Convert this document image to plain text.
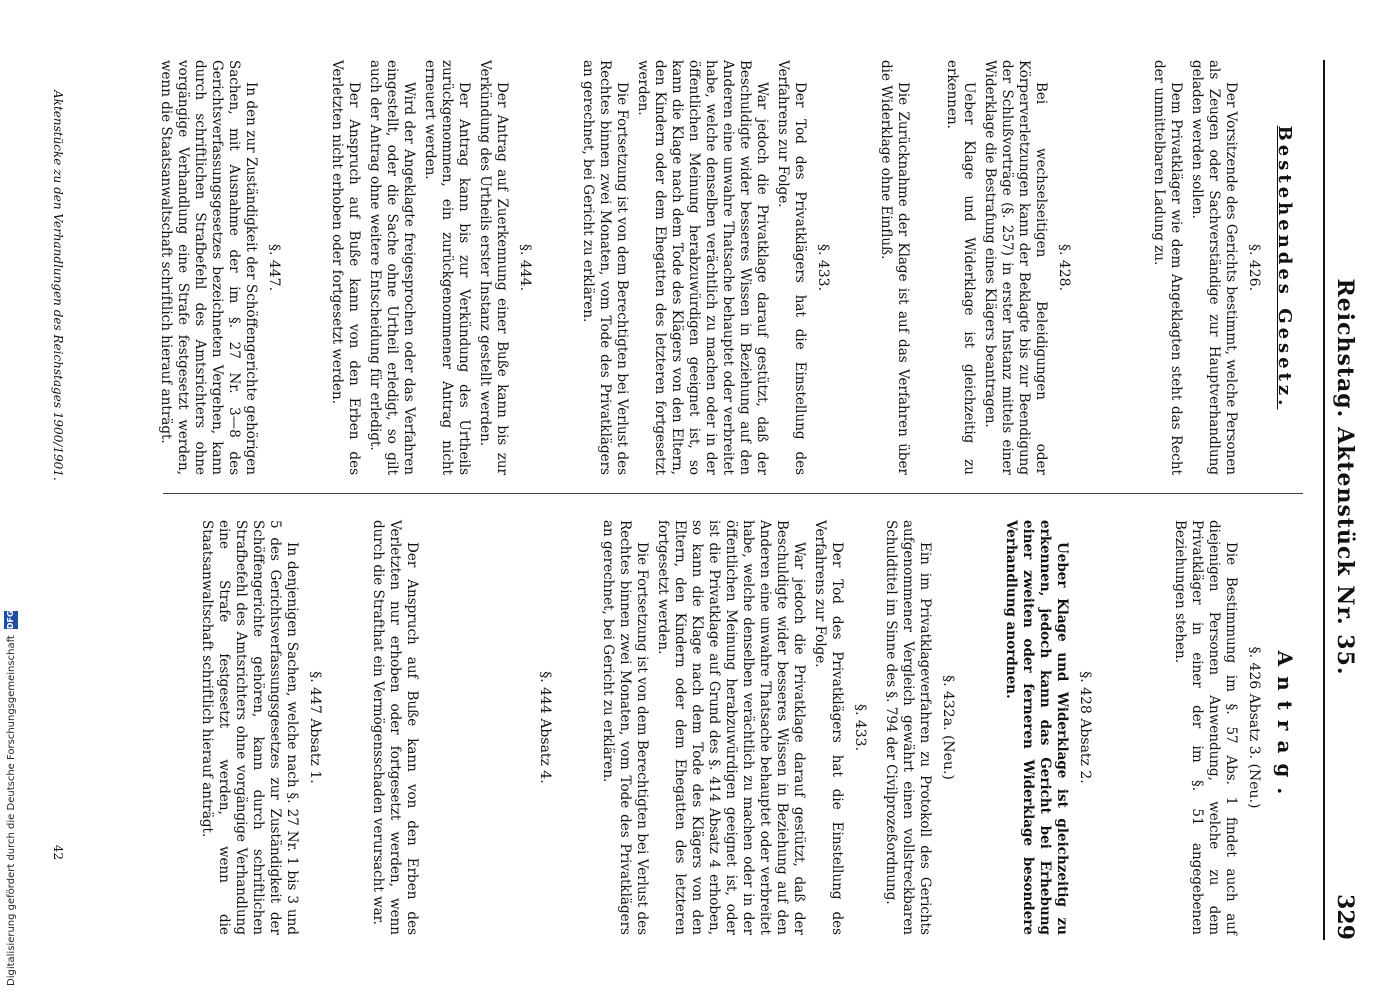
Reichstag. Aktenstück Nr. 35.
329
Bestehendes Gesetz.
§. 426.

Der Vorsitzende des Gerichts bestimmt, welche Personen als Zeugen oder Sachverständige zur Hauptverhandlung geladen werden sollen.

Dem Privatkläger wie dem Angeklagten steht das Recht der unmittelbaren Ladung zu.

§. 428.

Bei wechselseitigen Beleidigungen oder Körperverletzungen kann der Beklagte bis zur Beendigung der Schlußvorträge (§. 257) in erster Instanz mittels einer Widerklage die Bestrafung eines Klägers beantragen.

Ueber Klage und Widerklage ist gleichzeitig zu erkennen.

Die Zurücknahme der Klage ist auf das Verfahren über die Widerklage ohne Einfluß.

§. 433.

Der Tod des Privatklägers hat die Einstellung des Verfahrens zur Folge.

War jedoch die Privatklage darauf gestützt, daß der Beschuldigte wider besseres Wissen in Beziehung auf den Anderen eine unwahre Thatsache behauptet oder verbreitet habe, welche denselben verächtlich zu machen oder in der öffentlichen Meinung herabzuwürdigen geeignet ist, so kann die Klage nach dem Tode des Klägers von den Eltern, den Kindern oder dem Ehegatten des letzteren fortgesetzt werden.

Die Fortsetzung ist von dem Berechtigten bei Verlust des Rechtes binnen zwei Monaten, vom Tode des Privatklägers an gerechnet, bei Gericht zu erklären.

§. 444.

Der Antrag auf Zuerkennung einer Buße kann bis zur Verkündung des Urtheils erster Instanz gestellt werden.

Der Antrag kann bis zur Verkündung des Urtheils zurückgenommen, ein zurückgenommener Antrag nicht erneuert werden.

Wird der Angeklagte freigesprochen oder das Verfahren eingestellt, oder die Sache ohne Urtheil erledigt, so gilt auch der Antrag ohne weitere Entscheidung für erledigt.

Der Anspruch auf Buße kann von den Erben des Verletzten nicht erhoben oder fortgesetzt werden.

§. 447.

In den zur Zuständigkeit der Schöffengerichte gehörigen Sachen, mit Ausnahme der im §. 27 Nr. 3—8 des Gerichtsverfassungsgesetzes bezeichneten Vergehen, kann durch schriftlichen Strafbefehl des Amtsrichters ohne vorgängige Verhandlung eine Strafe festgesetzt werden, wenn die Staatsanwaltschaft schriftlich hierauf anträgt.

Antrag.
§. 426 Absatz 3. (Neu.)

Die Bestimmung im §. 57 Abs. 1 findet auch auf diejenigen Personen Anwendung, welche zu dem Privatkläger in einer der im §. 51 angegebenen Beziehungen stehen.

§. 428 Absatz 2.

Ueber Klage und Widerklage ist gleichzeitig zu erkennen, jedoch kann das Gericht bei Erhebung einer zweiten oder ferneren Widerklage besondere Verhandlung anordnen.

§. 432a. (Neu.)

Ein im Privatklageverfahren zu Protokoll des Gerichts aufgenommener Vergleich gewährt einen vollstreckbaren Schuldtitel im Sinne des §. 794 der Civilprozeßordnung.

§. 433.

Der Tod des Privatklägers hat die Einstellung des Verfahrens zur Folge.

War jedoch die Privatklage darauf gestützt, daß der Beschuldigte wider besseres Wissen in Beziehung auf den Anderen eine unwahre Thatsache behauptet oder verbreitet habe, welche denselben verächtlich zu machen oder in der öffentlichen Meinung herabzuwürdigen geeignet ist, oder ist die Privatklage auf Grund des §. 414 Absatz 4 erhoben, so kann die Klage nach dem Tode des Klägers von den Eltern, den Kindern oder dem Ehegatten des letzteren fortgesetzt werden.

Die Fortsetzung ist von dem Berechtigten bei Verlust des Rechtes binnen zwei Monaten, vom Tode des Privatklägers an gerechnet, bei Gericht zu erklären.

§. 444 Absatz 4.

Der Anspruch auf Buße kann von den Erben des Verletzten nur erhoben oder fortgesetzt werden, wenn durch die Strafthat ein Vermögensschaden verursacht war.

§. 447 Absatz 1.

In denjenigen Sachen, welche nach §. 27 Nr. 1 bis 3 und 5 des Gerichtsverfassungsgesetzes zur Zuständigkeit der Schöffengerichte gehören, kann durch schriftlichen Strafbefehl des Amtsrichters ohne vorgängige Verhandlung eine Strafe festgesetzt werden, wenn die Staatsanwaltschaft schriftlich hierauf anträgt.

Aktenstücke zu den Verhandlungen des Reichstages 1900/1901.
42
Digitalisierung gefördert durch die Deutsche Forschungsgemeinschaft
DFG
